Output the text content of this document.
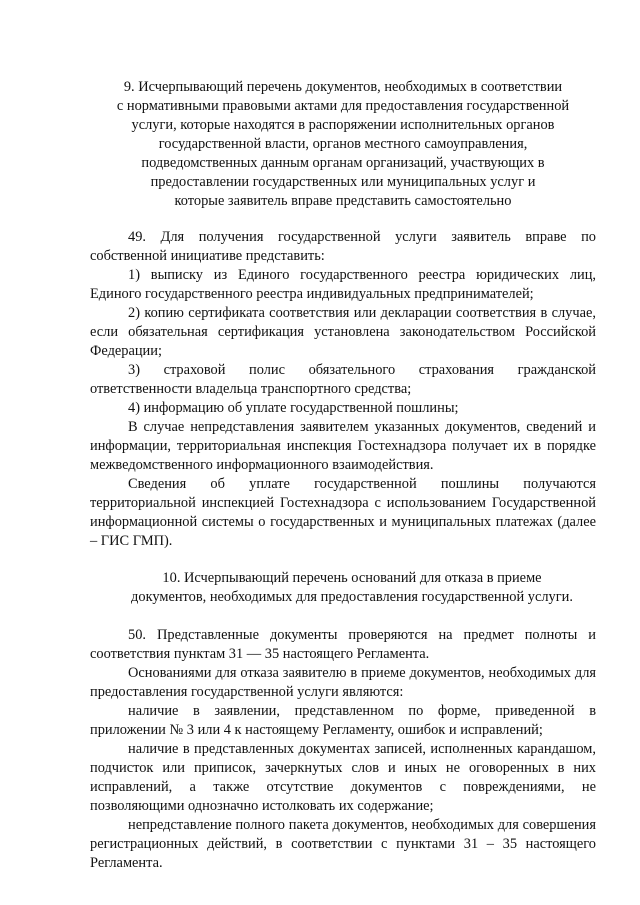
9. Исчерпывающий перечень документов, необходимых в соответствии
с нормативными правовыми актами для предоставления государственной
услуги, которые находятся в распоряжении исполнительных органов
государственной власти, органов местного самоуправления,
подведомственных данным органам организаций, участвующих в
предоставлении государственных или муниципальных услуг и
которые заявитель вправе представить самостоятельно

49. Для получения государственной услуги заявитель вправе по собственной инициативе представить:

1) выписку из Единого государственного реестра юридических лиц, Единого государственного реестра индивидуальных предпринимателей;

2) копию сертификата соответствия или декларации соответствия в случае, если обязательная сертификация установлена законодательством Российской Федерации;

3) страховой полис обязательного страхования гражданской ответственности владельца транспортного средства;

4) информацию об уплате государственной пошлины;

В случае непредставления заявителем указанных документов, сведений и информации, территориальная инспекция Гостехнадзора получает их в порядке межведомственного информационного взаимодействия.

Сведения об уплате государственной пошлины получаются территориальной инспекцией Гостехнадзора с использованием Государственной информационной системы о государственных и муниципальных платежах (далее – ГИС ГМП).

10. Исчерпывающий перечень оснований для отказа в приеме
документов, необходимых для предоставления государственной услуги.

50. Представленные документы проверяются на предмет полноты и соответствия пунктам 31 — 35 настоящего Регламента.

Основаниями для отказа заявителю в приеме документов, необходимых для предоставления государственной услуги являются:

наличие в заявлении, представленном по форме, приведенной в приложении № 3 или 4 к настоящему Регламенту, ошибок и исправлений;

наличие в представленных документах записей, исполненных карандашом, подчисток или приписок, зачеркнутых слов и иных не оговоренных в них исправлений, а также отсутствие документов с повреждениями, не позволяющими однозначно истолковать их содержание;

непредставление полного пакета документов, необходимых для совершения регистрационных действий, в соответствии с пунктами 31 – 35 настоящего Регламента.
